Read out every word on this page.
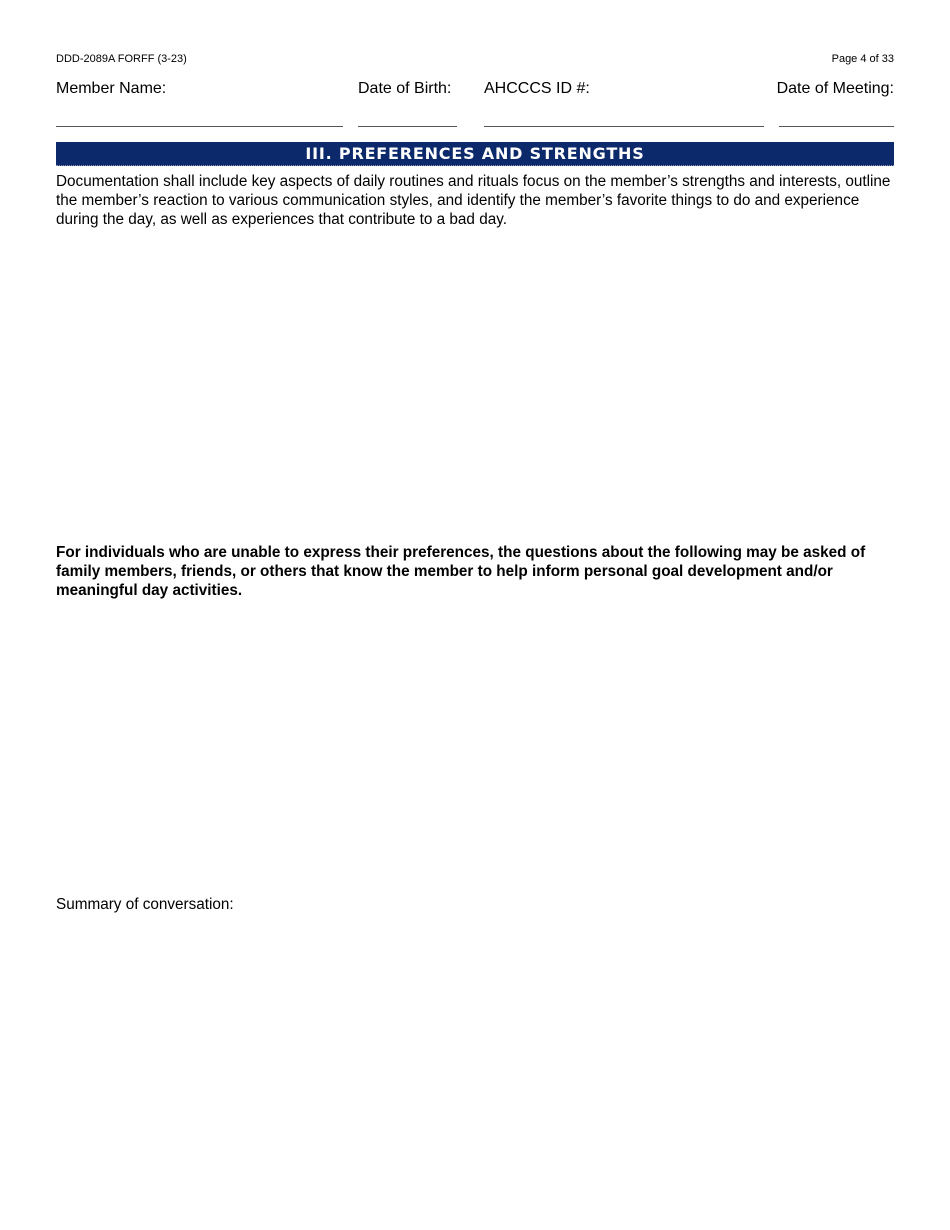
DDD-2089A FORFF (3-23)	Page 4 of 33
Member Name:	Date of Birth: AHCCCS ID #:	Date of Meeting:
III. PREFERENCES AND STRENGTHS
Documentation shall include key aspects of daily routines and rituals focus on the member’s strengths and interests, outline the member’s reaction to various communication styles, and identify the member’s favorite things to do and experience during the day, as well as experiences that contribute to a bad day.
For individuals who are unable to express their preferences, the questions about the following may be asked of family members, friends, or others that know the member to help inform personal goal development and/or meaningful day activities.
Summary of conversation:
